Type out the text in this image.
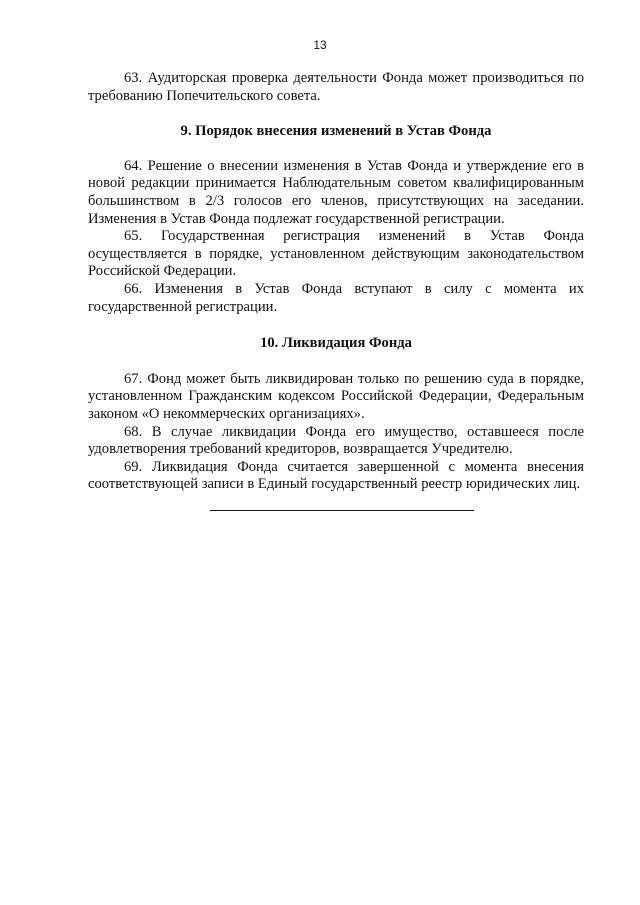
13

63. Аудиторская проверка деятельности Фонда может производиться по требованию Попечительского совета.

9. Порядок внесения изменений в Устав Фонда

64. Решение о внесении изменения в Устав Фонда и утверждение его в новой редакции принимается Наблюдательным советом квалифицированным большинством в 2/3 голосов его членов, присутствующих на заседании. Изменения в Устав Фонда подлежат государственной регистрации.

65. Государственная регистрация изменений в Устав Фонда осуществляется в порядке, установленном действующим законодательством Российской Федерации.

66. Изменения в Устав Фонда вступают в силу с момента их государственной регистрации.

10. Ликвидация Фонда

67. Фонд может быть ликвидирован только по решению суда в порядке, установленном Гражданским кодексом Российской Федерации, Федеральным законом «О некоммерческих организациях».

68. В случае ликвидации Фонда его имущество, оставшееся после удовлетворения требований кредиторов, возвращается Учредителю.

69. Ликвидация Фонда считается завершенной с момента внесения соответствующей записи в Единый государственный реестр юридических лиц.
